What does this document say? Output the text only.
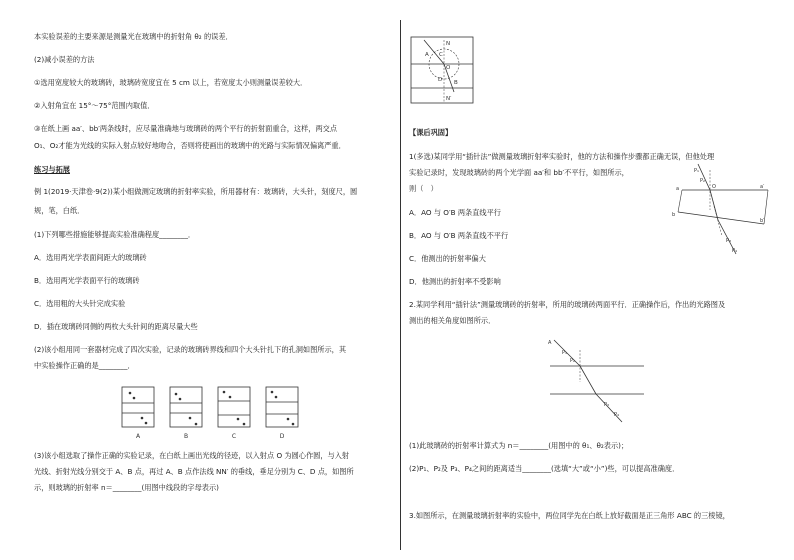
本实验误差的主要来源是测量光在玻璃中的折射角 θ₂ 的误差．
(2)减小误差的方法
①选用宽度较大的玻璃砖，玻璃砖宽度宜在 5 cm 以上，若宽度太小则测量误差较大．
②入射角宜在 15°～75°范围内取值．
③在纸上画 aa′、bb′两条线时，应尽量准确地与玻璃砖的两个平行的折射面重合，这样，两交点
O₁、O₂才能为光线的实际入射点较好地吻合，否则将使画出的玻璃中的光路与实际情况偏离严重．
练习与拓展
例 1(2019·天津卷·9(2))某小组做测定玻璃的折射率实验，所用器材有：玻璃砖，大头针，刻度尺，圆
规，笔，白纸．
(1)下列哪些措施能够提高实验准确程度________．
A．选用两光学表面间距大的玻璃砖
B．选用两光学表面平行的玻璃砖
C．选用粗的大头针完成实验
D．插在玻璃砖同侧的两枚大头针间的距离尽量大些
(2)该小组用同一套器材完成了四次实验，记录的玻璃砖界线和四个大头针扎下的孔洞如图所示，其
中实验操作正确的是________．
A	B	C	D
(3)该小组选取了操作正确的实验记录，在白纸上画出光线的径迹，以入射点 O 为圆心作圆，与入射
光线、折射光线分别交于 A、B 点，再过 A、B 点作法线 NN′ 的垂线，垂足分别为 C、D 点，如图所
示，则玻璃的折射率 n＝________(用图中线段的字母表示)
N
A C
O
D B
N′
【课后巩固】
1(多选)某同学用“插针法”做测量玻璃折射率实验时，他的方法和操作步骤都正确无误，但他处理
实验记录时，发现玻璃砖的两个光学面 aa′和 bb′不平行，如图所示，
则（　）
A．AO 与 O′B 两条直线平行
B．AO 与 O′B 两条直线不平行
C．他测出的折射率偏大
D．他测出的折射率不受影响
P₁
P₂
O	a′
a
b
b′
P₃
P₄
2.某同学利用“插针法”测量玻璃砖的折射率，所用的玻璃砖两面平行．正确操作后，作出的光路图及
测出的相关角度如图所示．
A
P₁
P₂
P₃
P₄
(1)此玻璃砖的折射率计算式为 n＝________(用图中的 θ₁、θ₂表示)；
(2)P₁、P₂及 P₃、P₄之间的距离适当________(选填“大”或“小”)些，可以提高准确度．
3.如图所示，在测量玻璃折射率的实验中，两位同学先在白纸上放好截面是正三角形 ABC 的三棱镜，
